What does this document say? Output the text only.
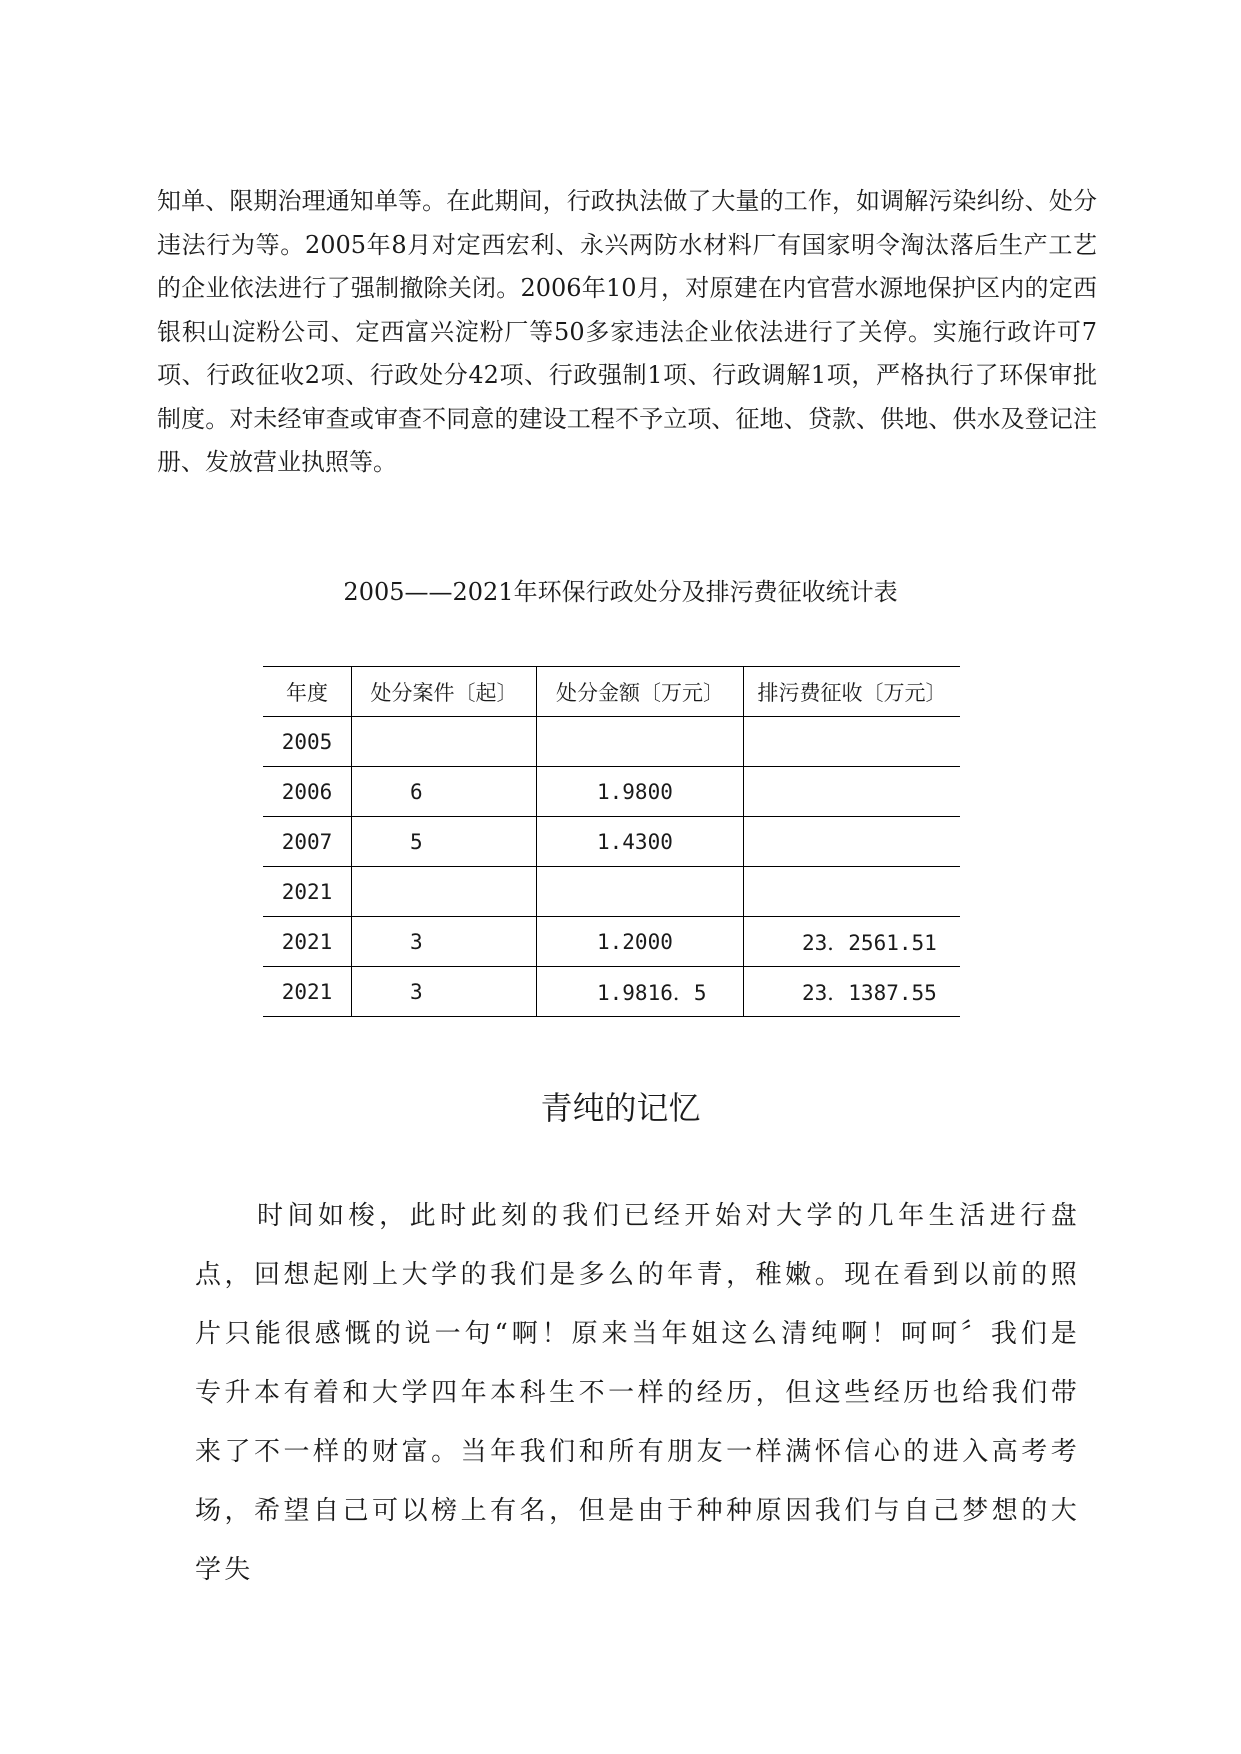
知单、限期治理通知单等。在此期间，行政执法做了大量的工作，如调解污染纠纷、处分违法行为等。2005年8月对定西宏利、永兴两防水材料厂有国家明令淘汰落后生产工艺的企业依法进行了强制撤除关闭。2006年10月，对原建在内官营水源地保护区内的定西银积山淀粉公司、定西富兴淀粉厂等50多家违法企业依法进行了关停。实施行政许可7项、行政征收2项、行政处分42项、行政强制1项、行政调解1项，严格执行了环保审批制度。对未经审查或审查不同意的建设工程不予立项、征地、贷款、供地、供水及登记注册、发放营业执照等。

2005——2021年环保行政处分及排污费征收统计表

年度	处分案件〔起〕	处分金额〔万元〕	排污费征收〔万元〕
2005			
2006	6	1.9800	
2007	5	1.4300	
2021			
2021	3	1.2000	23．2561.51
2021	3	1.9816．5	23．1387.55
青纯的记忆

时间如梭，此时此刻的我们已经开始对大学的几年生活进行盘点，回想起刚上大学的我们是多么的年青，稚嫩。现在看到以前的照片只能很感慨的说一句“啊！原来当年姐这么清纯啊！呵呵〞我们是专升本有着和大学四年本科生不一样的经历，但这些经历也给我们带来了不一样的财富。当年我们和所有朋友一样满怀信心的进入高考考场，希望自己可以榜上有名，但是由于种种原因我们与自己梦想的大学失
